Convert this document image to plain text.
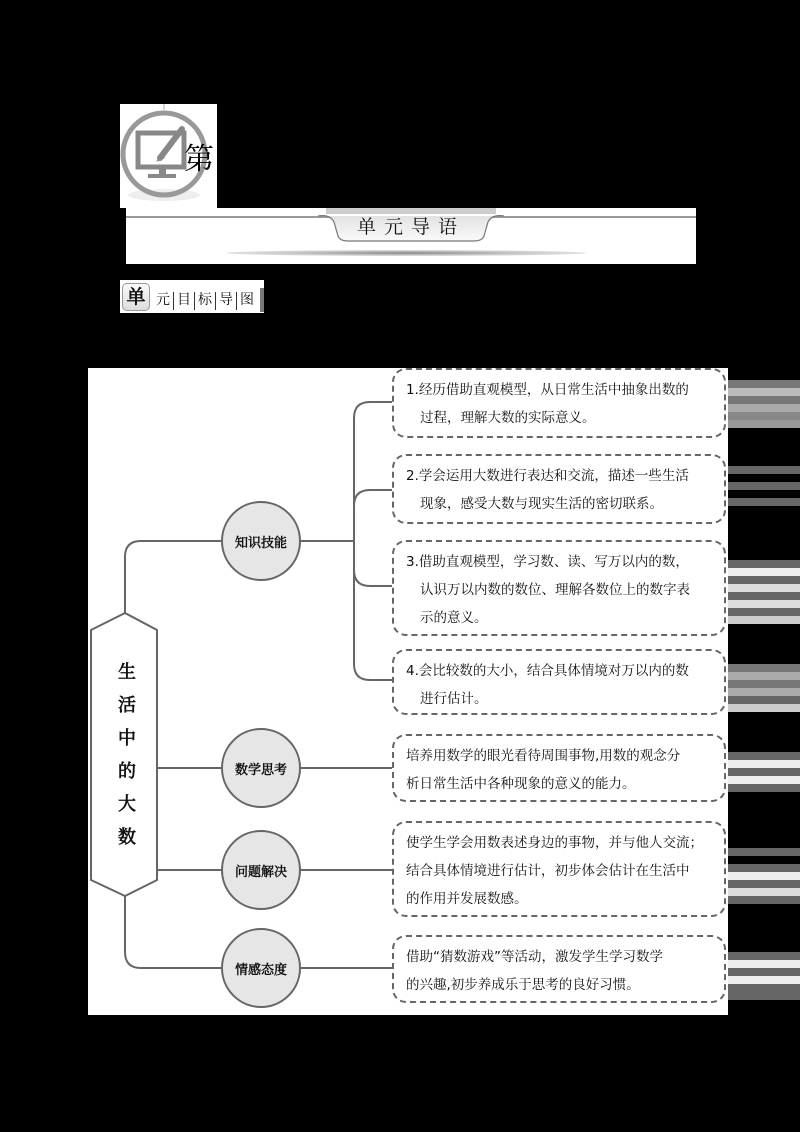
第
单元导语
单 元 目 标 导 图
生
活
中
的
大
数
知识技能
数学思考
问题解决
情感态度
1.经历借助直观模型，从日常生活中抽象出数的
过程，理解大数的实际意义。
2.学会运用大数进行表达和交流，描述一些生活
现象，感受大数与现实生活的密切联系。
3.借助直观模型，学习数、读、写万以内的数，
认识万以内数的数位、理解各数位上的数字表
示的意义。
4.会比较数的大小，结合具体情境对万以内的数
进行估计。
培养用数学的眼光看待周围事物,用数的观念分
析日常生活中各种现象的意义的能力。
使学生学会用数表述身边的事物，并与他人交流；
结合具体情境进行估计，初步体会估计在生活中
的作用并发展数感。
借助“猜数游戏”等活动，激发学生学习数学
的兴趣,初步养成乐于思考的良好习惯。
